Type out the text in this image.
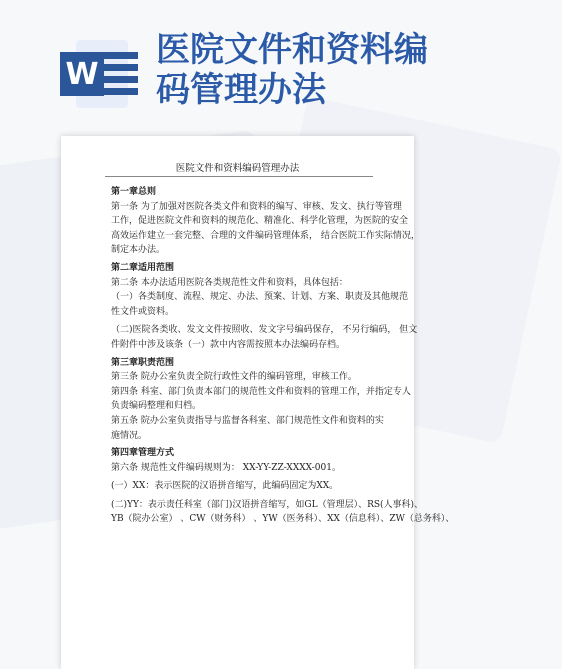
W
医院文件和资料编
码管理办法
医院文件和资料编码管理办法
第一章总则
第一条 为了加强对医院各类文件和资料的编写、审核、发文、执行等管理
工作，促进医院文件和资料的规范化、精准化、科学化管理，为医院的安全
高效运作建立一套完整、合理的文件编码管理体系， 结合医院工作实际情况，
制定本办法。
第二章适用范围
第二条 本办法适用医院各类规范性文件和资料，具体包括：
（一）各类制度、流程、规定、办法、预案、计划、方案、职责及其他规范
性文件或资料。
（二)医院各类收、发文文件按照收、发文字号编码保存， 不另行编码， 但文
件附件中涉及该条（一）款中内容需按照本办法编码存档。
第三章职责范围
第三条 院办公室负责全院行政性文件的编码管理，审核工作。
第四条 科室、部门负责本部门的规范性文件和资料的管理工作，并指定专人
负责编码整理和归档。
第五条 院办公室负责指导与监督各科室、部门规范性文件和资料的实
施情况。
第四章管理方式
第六条 规范性文件编码规则为： XX-YY-ZZ-XXXX-001。
(一）XX：表示医院的汉语拼音缩写，此编码固定为XX。
(二)YY：表示责任科室（部门)汉语拼音缩写，如GL（管理层）、RS(人事科)、
YB（院办公室） 、CW（财务科） 、YW（医务科）、XX（信息科）、ZW（总务科）、
